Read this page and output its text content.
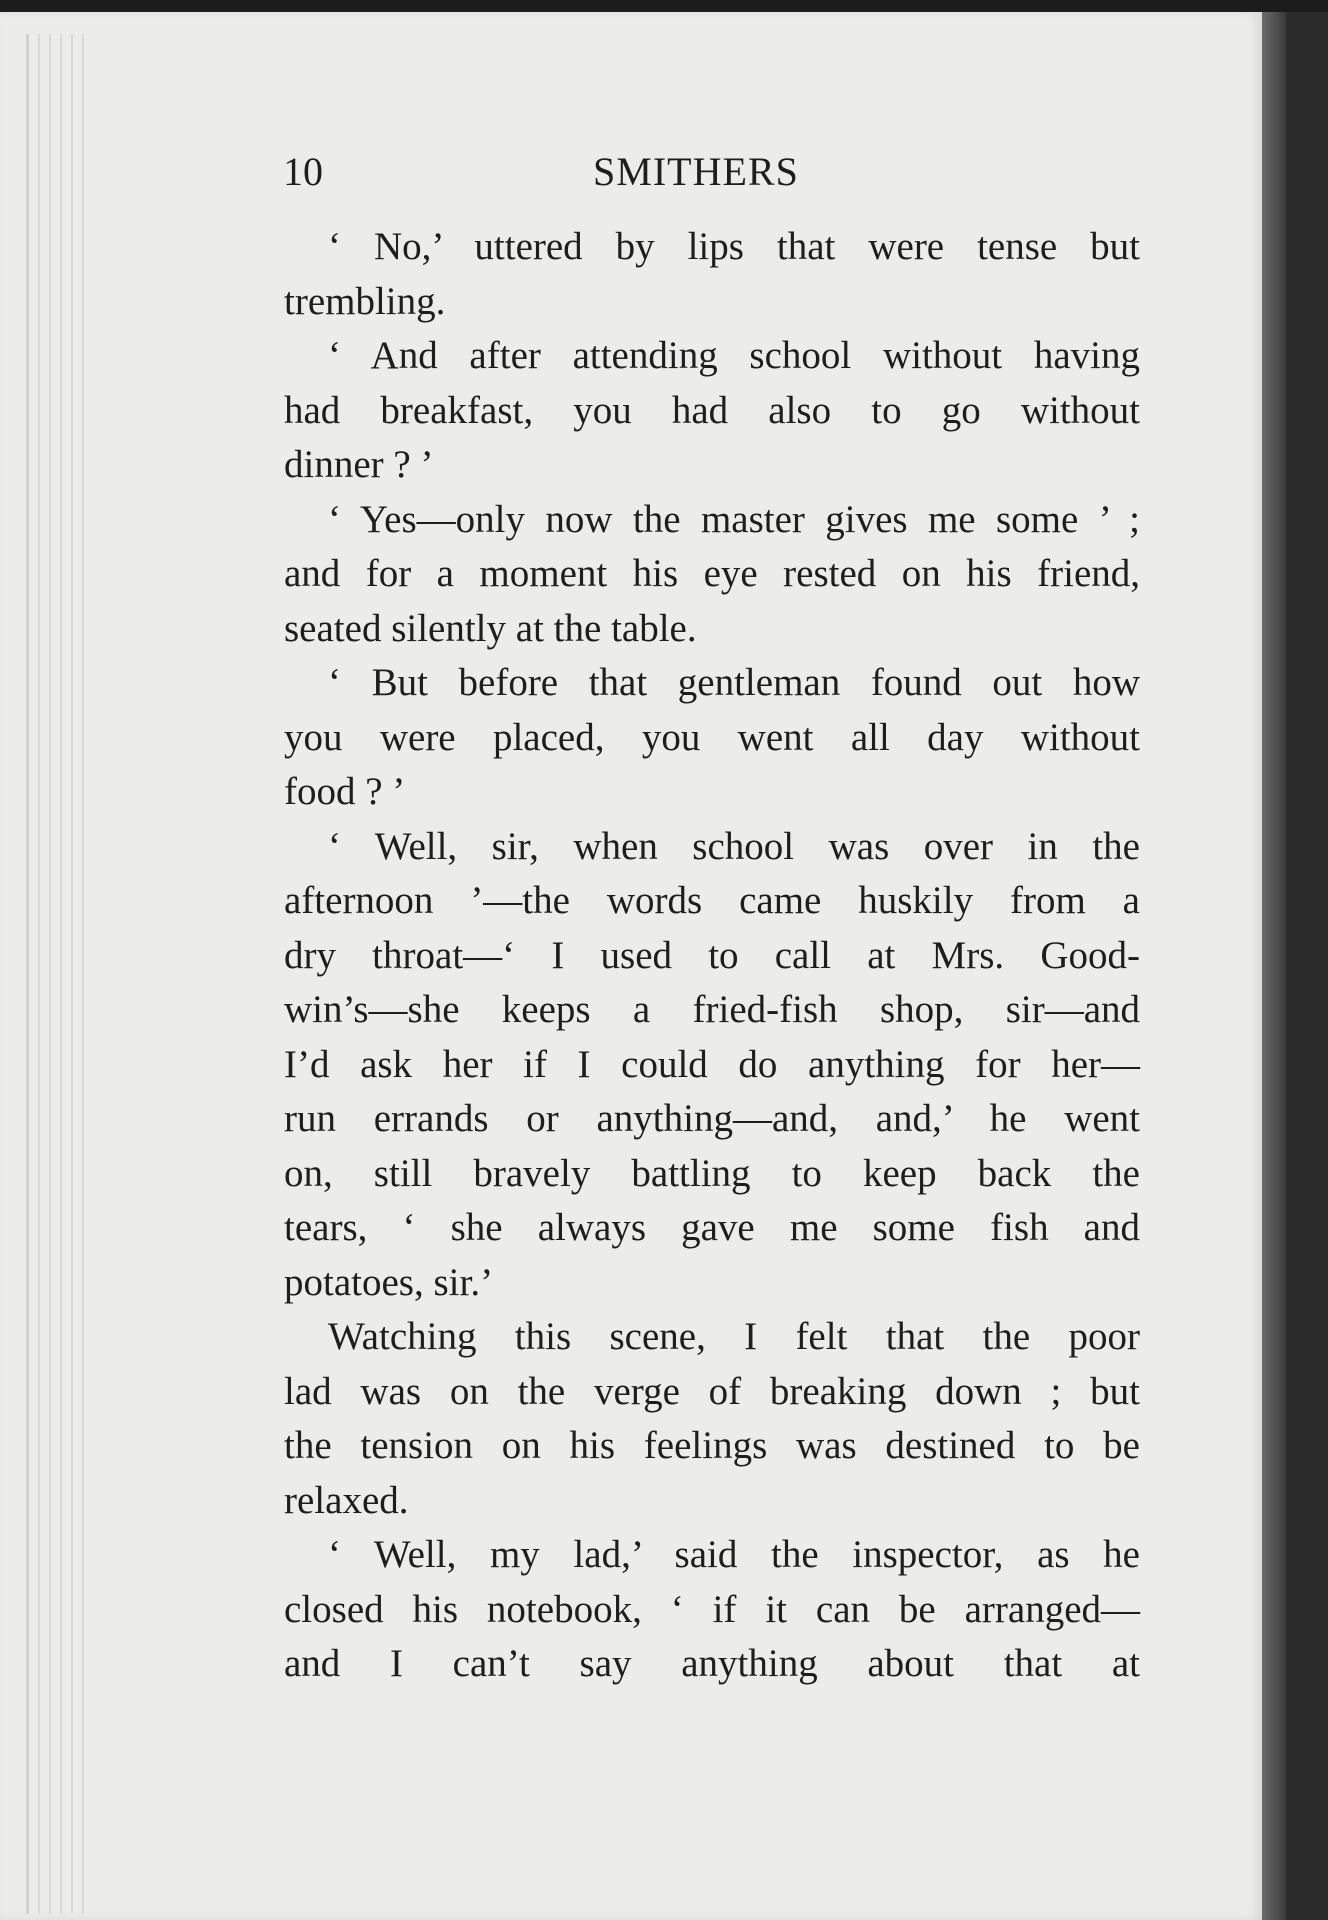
10	SMITHERS
‘ No,’ uttered by lips that were tense but
trembling.
‘ And after attending school without having
had breakfast, you had also to go without
dinner ? ’
‘ Yes—only now the master gives me some ’ ;
and for a moment his eye rested on his friend,
seated silently at the table.
‘ But before that gentleman found out how
you were placed, you went all day without
food ? ’
‘ Well, sir, when school was over in the
afternoon ’—the words came huskily from a
dry throat—‘ I used to call at Mrs. Good-
win’s—she keeps a fried-fish shop, sir—and
I’d ask her if I could do anything for her—
run errands or anything—and, and,’ he went
on, still bravely battling to keep back the
tears, ‘ she always gave me some fish and
potatoes, sir.’
Watching this scene, I felt that the poor
lad was on the verge of breaking down ; but
the tension on his feelings was destined to be
relaxed.
‘ Well, my lad,’ said the inspector, as he
closed his notebook, ‘ if it can be arranged—
and I can’t say anything about that at
